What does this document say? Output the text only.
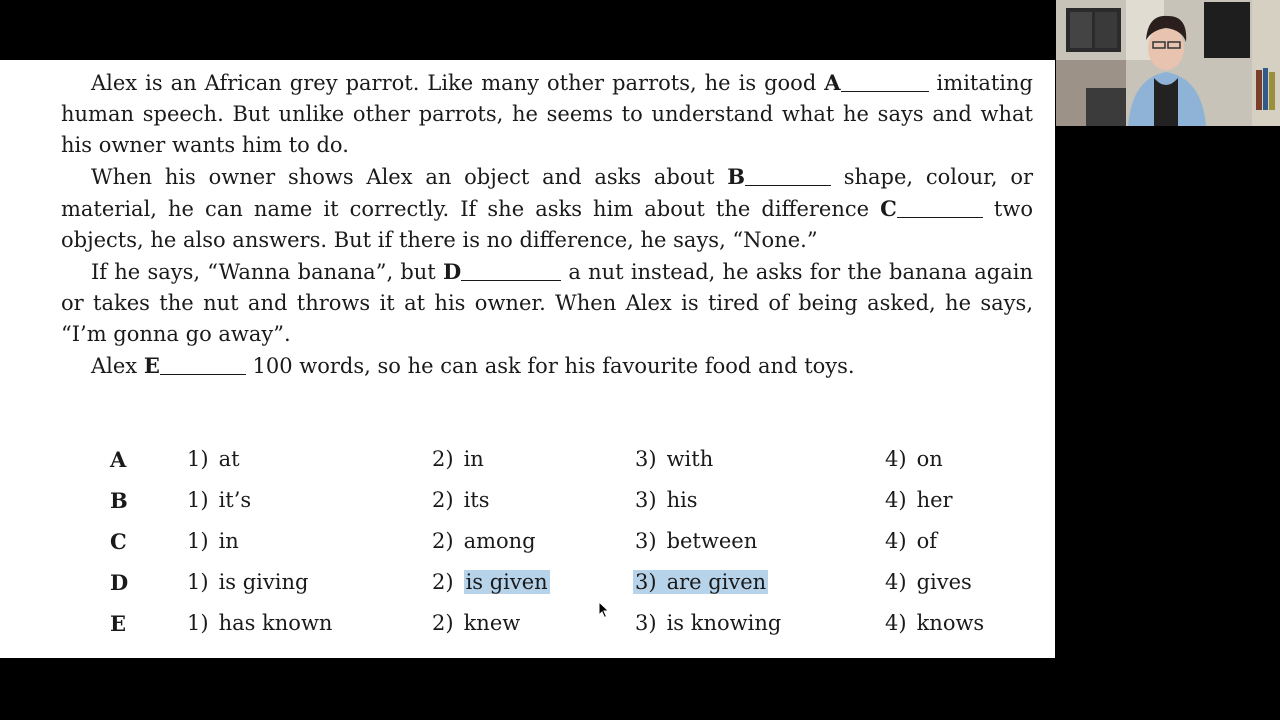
Alex is an African grey parrot. Like many other parrots, he is good A	imitating human speech. But unlike other parrots, he seems to understand what he says and what his owner wants him to do.

When his owner shows Alex an object and asks about B	shape, colour, or material, he can name it correctly. If she asks him about the difference C	two objects, he also answers. But if there is no difference, he says, “None.”

If he says, “Wanna banana”, but D	a nut instead, he asks for the banana again or takes the nut and throws it at his owner. When Alex is tired of being asked, he says, “I’m gonna go away”.

Alex E	100 words, so he can ask for his favourite food and toys.

A	1) at	2) in	3) with	4) on
B	1) it’s	2) its	3) his	4) her
C	1) in	2) among	3) between	4) of
D	1) is giving	2) is given	3) are given	4) gives
E	1) has known	2) knew	3) is knowing	4) knows
